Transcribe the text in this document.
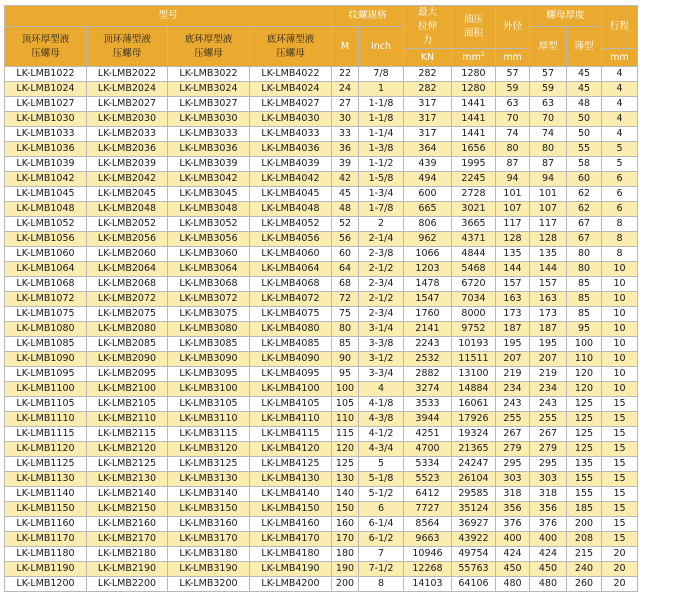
型号				纹螺规格		最大拉伸力	油压面积	外径	螺母厚度		行程

顶环厚型液压螺母	顶环薄型液压螺母	底环厚型液压螺母	底环薄型液压螺母	M	Inch				厚型	薄型	
						KN	$mm^2$	mm			mm
LK-LMB1022	LK-LMB2022	LK-LMB3022	LK-LMB4022	22	7/8	282	1280	57	57	45	4
LK-LMB1024	LK-LMB2024	LK-LMB3024	LK-LMB4024	24	1	282	1280	59	59	45	4
LK-LMB1027	LK-LMB2027	LK-LMB3027	LK-LMB4027	27	1-1/8	317	1441	63	63	48	4
LK-LMB1030	LK-LMB2030	LK-LMB3030	LK-LMB4030	30	1-1/8	317	1441	70	70	50	4
LK-LMB1033	LK-LMB2033	LK-LMB3033	LK-LMB4033	33	1-1/4	317	1441	74	74	50	4
LK-LMB1036	LK-LMB2036	LK-LMB3036	LK-LMB4036	36	1-3/8	364	1656	80	80	55	5
LK-LMB1039	LK-LMB2039	LK-LMB3039	LK-LMB4039	39	1-1/2	439	1995	87	87	58	5
LK-LMB1042	LK-LMB2042	LK-LMB3042	LK-LMB4042	42	1-5/8	494	2245	94	94	60	6
LK-LMB1045	LK-LMB2045	LK-LMB3045	LK-LMB4045	45	1-3/4	600	2728	101	101	62	6
LK-LMB1048	LK-LMB2048	LK-LMB3048	LK-LMB4048	48	1-7/8	665	3021	107	107	62	6
LK-LMB1052	LK-LMB2052	LK-LMB3052	LK-LMB4052	52	2	806	3665	117	117	67	8
LK-LMB1056	LK-LMB2056	LK-LMB3056	LK-LMB4056	56	2-1/4	962	4371	128	128	67	8
LK-LMB1060	LK-LMB2060	LK-LMB3060	LK-LMB4060	60	2-3/8	1066	4844	135	135	80	8
LK-LMB1064	LK-LMB2064	LK-LMB3064	LK-LMB4064	64	2-1/2	1203	5468	144	144	80	10
LK-LMB1068	LK-LMB2068	LK-LMB3068	LK-LMB4068	68	2-3/4	1478	6720	157	157	85	10
LK-LMB1072	LK-LMB2072	LK-LMB3072	LK-LMB4072	72	2-1/2	1547	7034	163	163	85	10
LK-LMB1075	LK-LMB2075	LK-LMB3075	LK-LMB4075	75	2-3/4	1760	8000	173	173	85	10
LK-LMB1080	LK-LMB2080	LK-LMB3080	LK-LMB4080	80	3-1/4	2141	9752	187	187	95	10
LK-LMB1085	LK-LMB2085	LK-LMB3085	LK-LMB4085	85	3-3/8	2243	10193	195	195	100	10
LK-LMB1090	LK-LMB2090	LK-LMB3090	LK-LMB4090	90	3-1/2	2532	11511	207	207	110	10
LK-LMB1095	LK-LMB2095	LK-LMB3095	LK-LMB4095	95	3-3/4	2882	13100	219	219	120	10
LK-LMB1100	LK-LMB2100	LK-LMB3100	LK-LMB4100	100	4	3274	14884	234	234	120	10
LK-LMB1105	LK-LMB2105	LK-LMB3105	LK-LMB4105	105	4-1/8	3533	16061	243	243	125	15
LK-LMB1110	LK-LMB2110	LK-LMB3110	LK-LMB4110	110	4-3/8	3944	17926	255	255	125	15
LK-LMB1115	LK-LMB2115	LK-LMB3115	LK-LMB4115	115	4-1/2	4251	19324	267	267	125	15
LK-LMB1120	LK-LMB2120	LK-LMB3120	LK-LMB4120	120	4-3/4	4700	21365	279	279	125	15
LK-LMB1125	LK-LMB2125	LK-LMB3125	LK-LMB4125	125	5	5334	24247	295	295	135	15
LK-LMB1130	LK-LMB2130	LK-LMB3130	LK-LMB4130	130	5-1/8	5523	26104	303	303	155	15
LK-LMB1140	LK-LMB2140	LK-LMB3140	LK-LMB4140	140	5-1/2	6412	29585	318	318	155	15
LK-LMB1150	LK-LMB2150	LK-LMB3150	LK-LMB4150	150	6	7727	35124	356	356	185	15
LK-LMB1160	LK-LMB2160	LK-LMB3160	LK-LMB4160	160	6-1/4	8564	36927	376	376	200	15
LK-LMB1170	LK-LMB2170	LK-LMB3170	LK-LMB4170	170	6-1/2	9663	43922	400	400	208	15
LK-LMB1180	LK-LMB2180	LK-LMB3180	LK-LMB4180	180	7	10946	49754	424	424	215	20
LK-LMB1190	LK-LMB2190	LK-LMB3190	LK-LMB4190	190	7-1/2	12268	55763	450	450	240	20
LK-LMB1200	LK-LMB2200	LK-LMB3200	LK-LMB4200	200	8	14103	64106	480	480	260	20
